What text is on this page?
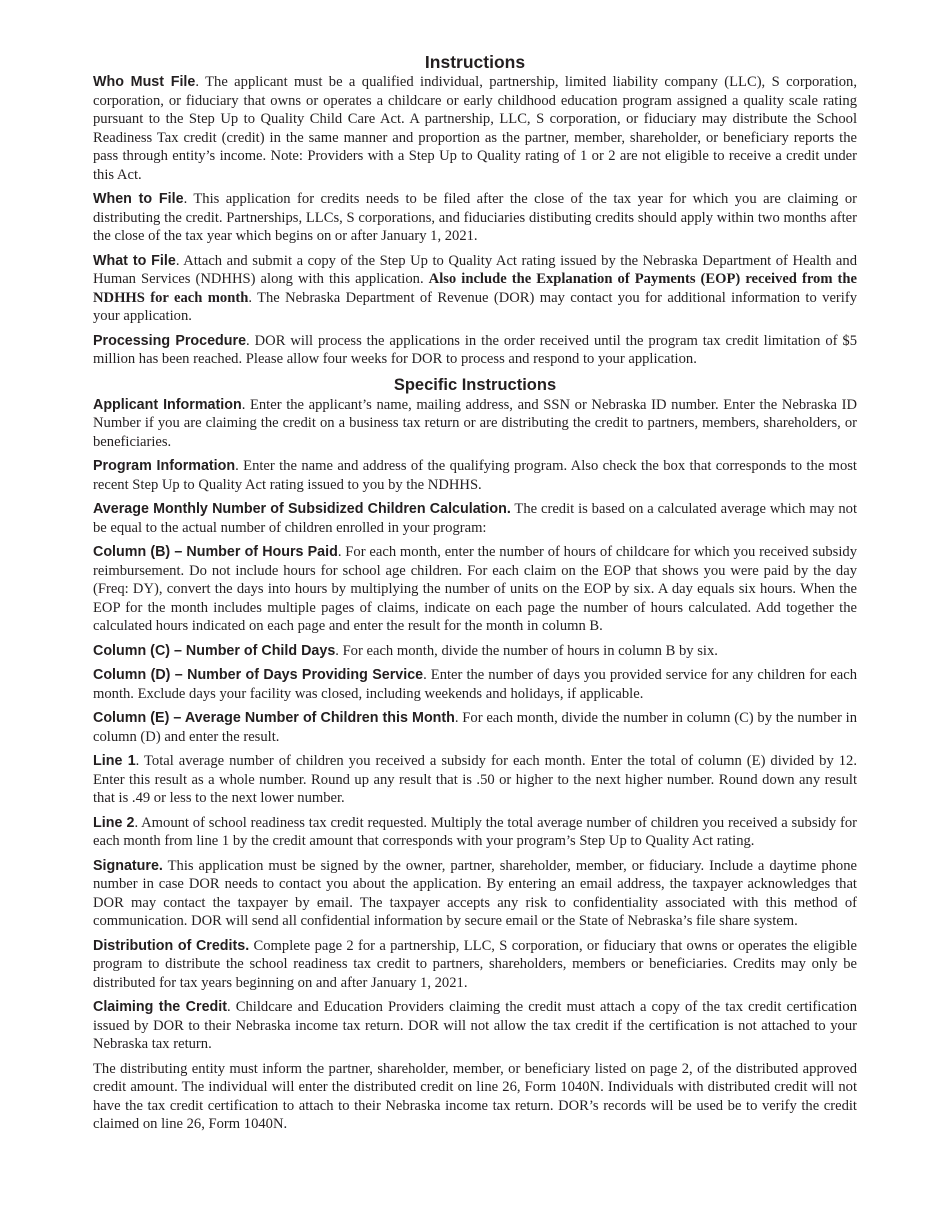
Instructions

Who Must File. The applicant must be a qualified individual, partnership, limited liability company (LLC), S corporation, corporation, or fiduciary that owns or operates a childcare or early childhood education program assigned a quality scale rating pursuant to the Step Up to Quality Child Care Act. A partnership, LLC, S corporation, or fiduciary may distribute the School Readiness Tax credit (credit) in the same manner and proportion as the partner, member, shareholder, or beneficiary reports the pass through entity’s income. Note: Providers with a Step Up to Quality rating of 1 or 2 are not eligible to receive a credit under this Act.

When to File. This application for credits needs to be filed after the close of the tax year for which you are claiming or distributing the credit. Partnerships, LLCs, S corporations, and fiduciaries distibuting credits should apply within two months after the close of the tax year which begins on or after January 1, 2021.

What to File. Attach and submit a copy of the Step Up to Quality Act rating issued by the Nebraska Department of Health and Human Services (NDHHS) along with this application. Also include the Explanation of Payments (EOP) received from the NDHHS for each month. The Nebraska Department of Revenue (DOR) may contact you for additional information to verify your application.

Processing Procedure. DOR will process the applications in the order received until the program tax credit limitation of $5 million has been reached. Please allow four weeks for DOR to process and respond to your application.

Specific Instructions

Applicant Information. Enter the applicant’s name, mailing address, and SSN or Nebraska ID number. Enter the Nebraska ID Number if you are claiming the credit on a business tax return or are distributing the credit to partners, members, shareholders, or beneficiaries.

Program Information. Enter the name and address of the qualifying program. Also check the box that corresponds to the most recent Step Up to Quality Act rating issued to you by the NDHHS.

Average Monthly Number of Subsidized Children Calculation. The credit is based on a calculated average which may not be equal to the actual number of children enrolled in your program:

Column (B) – Number of Hours Paid. For each month, enter the number of hours of childcare for which you received subsidy reimbursement. Do not include hours for school age children. For each claim on the EOP that shows you were paid by the day (Freq: DY), convert the days into hours by multiplying the number of units on the EOP by six. A day equals six hours. When the EOP for the month includes multiple pages of claims, indicate on each page the number of hours calculated. Add together the calculated hours indicated on each page and enter the result for the month in column B.

Column (C) – Number of Child Days. For each month, divide the number of hours in column B by six.

Column (D) – Number of Days Providing Service. Enter the number of days you provided service for any children for each month. Exclude days your facility was closed, including weekends and holidays, if applicable.

Column (E) – Average Number of Children this Month. For each month, divide the number in column (C) by the number in column (D) and enter the result.

Line 1. Total average number of children you received a subsidy for each month. Enter the total of column (E) divided by 12. Enter this result as a whole number. Round up any result that is .50 or higher to the next higher number. Round down any result that is .49 or less to the next lower number.

Line 2. Amount of school readiness tax credit requested. Multiply the total average number of children you received a subsidy for each month from line 1 by the credit amount that corresponds with your program’s Step Up to Quality Act rating.

Signature. This application must be signed by the owner, partner, shareholder, member, or fiduciary. Include a daytime phone number in case DOR needs to contact you about the application. By entering an email address, the taxpayer acknowledges that DOR may contact the taxpayer by email. The taxpayer accepts any risk to confidentiality associated with this method of communication. DOR will send all confidential information by secure email or the State of Nebraska’s file share system.

Distribution of Credits. Complete page 2 for a partnership, LLC, S corporation, or fiduciary that owns or operates the eligible program to distribute the school readiness tax credit to partners, shareholders, members or beneficiaries. Credits may only be distributed for tax years beginning on and after January 1, 2021.

Claiming the Credit. Childcare and Education Providers claiming the credit must attach a copy of the tax credit certification issued by DOR to their Nebraska income tax return. DOR will not allow the tax credit if the certification is not attached to your Nebraska tax return.

The distributing entity must inform the partner, shareholder, member, or beneficiary listed on page 2, of the distributed approved credit amount. The individual will enter the distributed credit on line 26, Form 1040N. Individuals with distributed credit will not have the tax credit certification to attach to their Nebraska income tax return. DOR’s records will be used be to verify the credit claimed on line 26, Form 1040N.
